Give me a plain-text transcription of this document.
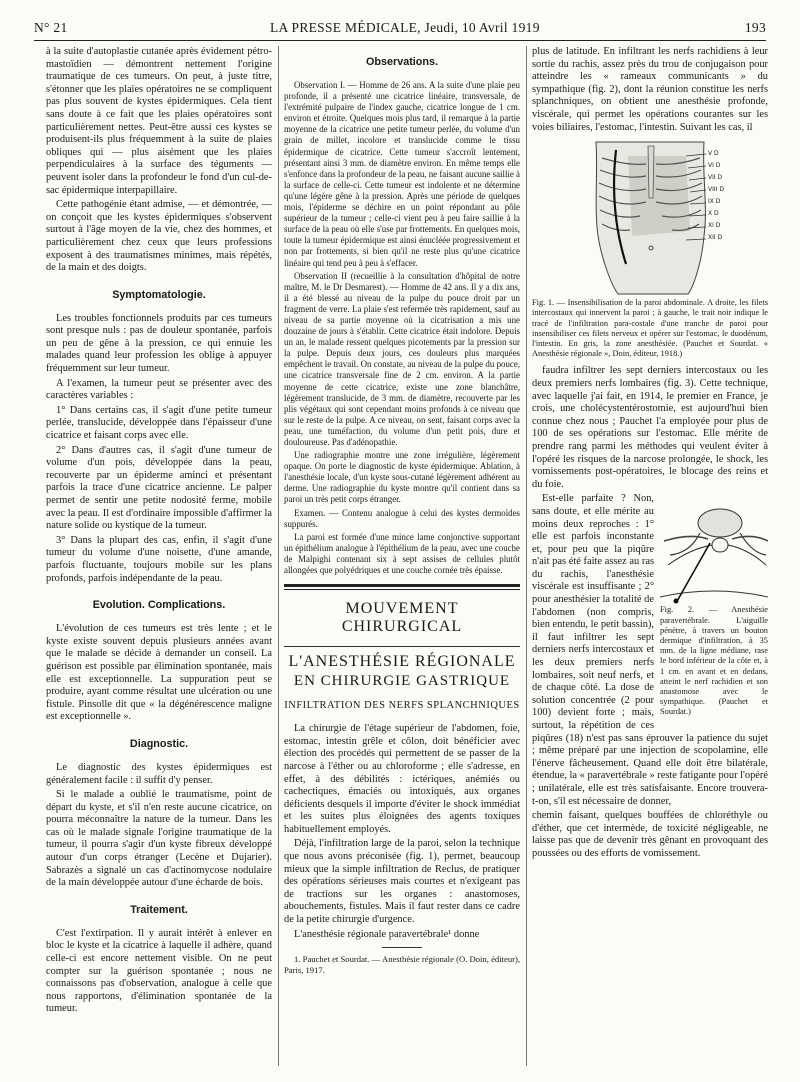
N° 21	LA PRESSE MÉDICALE, Jeudi, 10 Avril 1919	193

à la suite d'autoplastie cutanée après évidement pétro-mastoïdien — démontrent nettement l'origine traumatique de ces tumeurs. On peut, à juste titre, s'étonner que les plaies opératoires ne se compliquent pas plus souvent de kystes épidermiques. Cela tient sans doute à ce fait que les plaies opératoires sont particulièrement nettes. Peut-être aussi ces kystes se produisent-ils plus fréquemment à la suite de plaies obliques qui — plus aisément que les plaies perpendiculaires à la surface des téguments — peuvent isoler dans la profondeur le fond d'un cul-de-sac épidermique interpapillaire.

Cette pathogénie étant admise, — et démontrée, — on conçoit que les kystes épidermiques s'observent surtout à l'âge moyen de la vie, chez des hommes, et particulièrement chez ceux que leurs professions exposent à des traumatismes minimes, mais répétés, de la main et des doigts.

Symptomatologie.

Les troubles fonctionnels produits par ces tumeurs sont presque nuls : pas de douleur spontanée, parfois un peu de gêne à la pression, ce qui ennuie les malades quand leur profession les oblige à appuyer fréquemment sur leur tumeur.

A l'examen, la tumeur peut se présenter avec des caractères variables :

1° Dans certains cas, il s'agit d'une petite tumeur perlée, translucide, développée dans l'épaisseur d'une cicatrice et faisant corps avec elle.

2° Dans d'autres cas, il s'agit d'une tumeur de volume d'un pois, développée dans la peau, recouverte par un épiderme aminci et présentant parfois la trace d'une cicatrice ancienne. Le palper permet de sentir une petite nodosité ferme, mobile avec la peau. Il est d'ordinaire impossible d'affirmer la nature solide ou kystique de la tumeur.

3° Dans la plupart des cas, enfin, il s'agit d'une tumeur du volume d'une noisette, d'une amande, parfois fluctuante, toujours mobile sur les plans profonds, parfois indépendante de la peau.

Evolution. Complications.

L'évolution de ces tumeurs est très lente ; et le kyste existe souvent depuis plusieurs années avant que le malade se décide à demander un conseil. La guérison est possible par élimination spontanée, mais elle est exceptionnelle. La suppuration peut se produire, ayant comme résultat une ulcération ou une fistule. Pinsolle dit que « la dégénérescence maligne est exceptionnelle ».

Diagnostic.

Le diagnostic des kystes épidermiques est généralement facile : il suffit d'y penser.

Si le malade a oublié le traumatisme, point de départ du kyste, et s'il n'en reste aucune cicatrice, on pourra méconnaître la nature de la tumeur. Dans les cas où le malade signale l'origine traumatique de la tumeur, il pourra s'agir d'un kyste fibreux développé autour d'un corps étranger (Lecène et Dujarier). Sabrazès a signalé un cas d'actinomycose nodulaire de la main développée autour d'une écharde de bois.

Traitement.

C'est l'extirpation. Il y aurait intérêt à enlever en bloc le kyste et la cicatrice à laquelle il adhère, quand celle-ci est encore nettement visible. On ne peut compter sur la guérison spontanée ; nous ne connaissons pas d'observation, analogue à celle que nous rapportons, d'élimination spontanée de la tumeur.

Observations.

Observation I. — Homme de 26 ans. A la suite d'une plaie peu profonde, il a présenté une cicatrice linéaire, transversale, de l'extrémité pulpaire de l'index gauche, cicatrice longue de 1 cm. environ et étroite. Quelques mois plus tard, il remarque à la partie moyenne de la cicatrice une petite tumeur perlée, du volume d'un grain de millet, incolore et translucide comme le tissu épidermique de cicatrice. Cette tumeur s'accroît lentement, présentant ainsi 3 mm. de diamètre environ. En même temps elle s'enfonce dans la profondeur de la peau, ne faisant aucune saillie à la surface de celle-ci. Cette tumeur est indolente et ne détermine qu'une légère gêne à la pression. Après une période de quelques mois, l'épiderme se déchire en un point répondant au pôle supérieur de la tumeur ; celle-ci vient peu à peu faire saillie à la surface de la peau où elle s'use par frottements. En quelques mois, toute la tumeur épidermique est ainsi énucléée progressivement et non par frottements, si bien qu'il ne reste plus qu'une cicatrice linéaire qui tend peu à peu à s'effacer.

Observation II (recueillie à la consultation d'hôpital de notre maître, M. le Dr Desmarest). — Homme de 42 ans. Il y a dix ans, il a été blessé au niveau de la pulpe du pouce droit par un fragment de verre. La plaie s'est refermée très rapidement, sauf au niveau de sa partie moyenne où la cicatrisation a mis une douzaine de jours à s'établir. Cette cicatrice était indolore. Depuis un an, le malade ressent quelques picotements par la pression sur la pulpe. Depuis deux jours, ces douleurs plus marquées empêchent le travail. On constate, au niveau de la pulpe du pouce, une cicatrice transversale fine de 2 cm. environ. A la partie moyenne de cette cicatrice, existe une zone blanchâtre, légèrement translucide, de 3 mm. de diamètre, recouverte par les plis végétaux qui sont cependant moins profonds à ce niveau que sur le reste de la pulpe. A ce niveau, on sent, faisant corps avec la peau, une tuméfaction, du volume d'un petit pois, dure et douloureuse. Pas d'adénopathie.

Une radiographie montre une zone irrégulière, légèrement opaque. On porte le diagnostic de kyste épidermique. Ablation, à l'anesthésie locale, d'un kyste sous-cutané légèrement adhérent au derme. Une radiographie du kyste montre qu'il contient dans sa paroi un très petit corps étranger.

Examen. — Contenu analogue à celui des kystes dermoïdes suppurés.

La paroi est formée d'une mince lame conjonctive supportant un épithélium analogue à l'épithélium de la peau, avec une couche de Malpighi contenant six à sept assises de cellules plutôt allongées que polyédriques et une couche cornée très épaisse.

MOUVEMENT CHIRURGICAL
L'ANESTHÉSIE RÉGIONALE
EN CHIRURGIE GASTRIQUE
INFILTRATION DES NERFS SPLANCHNIQUES

La chirurgie de l'étage supérieur de l'abdomen, foie, estomac, intestin grêle et côlon, doit bénéficier avec élection des procédés qui permettent de se passer de la narcose à l'éther ou au chloroforme ; elle s'adresse, en effet, à des débilités : ictériques, anémiés ou cachectiques, émaciés ou intoxiqués, aux organes déficients desquels il importe d'éviter le shock immédiat et les suites plus éloignées des agents toxiques habituellement employés.

Déjà, l'infiltration large de la paroi, selon la technique que nous avons préconisée (fig. 1), permet, beaucoup mieux que la simple infiltration de Reclus, de pratiquer des opérations sérieuses mais courtes et n'exigeant pas de tractions sur les organes : anastomoses, abouchements, fistules. Mais il faut rester dans ce cadre de la petite chirurgie d'urgence.

L'anesthésie régionale paravertébrale¹ donne

1. Pauchet et Sourdat. — Anesthésie régionale (O. Doin, éditeur), Paris, 1917.

plus de latitude. En infiltrant les nerfs rachidiens à leur sortie du rachis, assez près du trou de conjugaison pour atteindre les « rameaux communicants » du sympathique (fig. 2), dont la réunion constitue les nerfs splanchniques, on obtient une anesthésie profonde, viscérale, qui permet les opérations courantes sur les voies biliaires, l'estomac, l'intestin. Suivant les cas, il

V D
VI D
VII D
VIII D
IX D
X D
XI D
XII D

Fig. 1. — Insensibilisation de la paroi abdominale. A droite, les filets intercostaux qui innervent la paroi ; à gauche, le trait noir indique le tracé de l'infiltration para-costale d'une tranche de paroi pour insensibiliser ces filets nerveux et opérer sur l'estomac, le duodénum, l'intestin. En gris, la zone anesthésiée. (Pauchet et Sourdat. « Anesthésie régionale », Doin, éditeur, 1918.)

faudra infiltrer les sept derniers intercostaux ou les deux premiers nerfs lombaires (fig. 3). Cette technique, avec laquelle j'ai fait, en 1914, le premier en France, je crois, une cholécystentérostomie, est aujourd'hui bien connue chez nous ; Pauchet l'a employée pour plus de 100 de ses opérations sur l'estomac. Elle mérite de prendre rang parmi les méthodes qui veulent éviter à l'opéré les risques de la narcose prolongée, le shock, les vomissements post-opératoires, le blocage des reins et du foie.

Fig. 2. — Anesthésie paravertébrale. L'aiguille pénètre, à travers un bouton dermique d'infiltration, à 35 mm. de la ligne médiane, rase le bord inférieur de la côte et, à 1 cm. en avant et en dedans, atteint le nerf rachidien et son anastomose avec le sympathique. (Pauchet et Sourdat.)

Est-elle parfaite ? Non, sans doute, et elle mérite au moins deux reproches : 1° elle est parfois inconstante et, pour peu que la piqûre n'ait pas été faite assez au ras du rachis, l'anesthésie viscérale est insuffisante ; 2° pour anesthésier la totalité de l'abdomen (non compris, bien entendu, le petit bassin), il faut infiltrer les sept derniers nerfs intercostaux et les deux premiers nerfs lombaires, soit neuf nerfs, et de chaque côté. La dose de solution concentrée (2 pour 100) devient forte ; mais, surtout, la répétition de ces piqûres (18) n'est pas sans éprouver la patience du sujet ; même préparé par une injection de scopolamine, elle l'énerve fâcheusement. Quand elle doit être bilatérale, étendue, la « paravertébrale » reste fatigante pour l'opéré ; unilatérale, elle est très satisfaisante. Encore trouvera-t-on, s'il est nécessaire de donner,

chemin faisant, quelques bouffées de chloréthyle ou d'éther, que cet intermède, de toxicité négligeable, ne laisse pas que de devenir très gênant en provoquant des poussées ou des efforts de vomissement.
